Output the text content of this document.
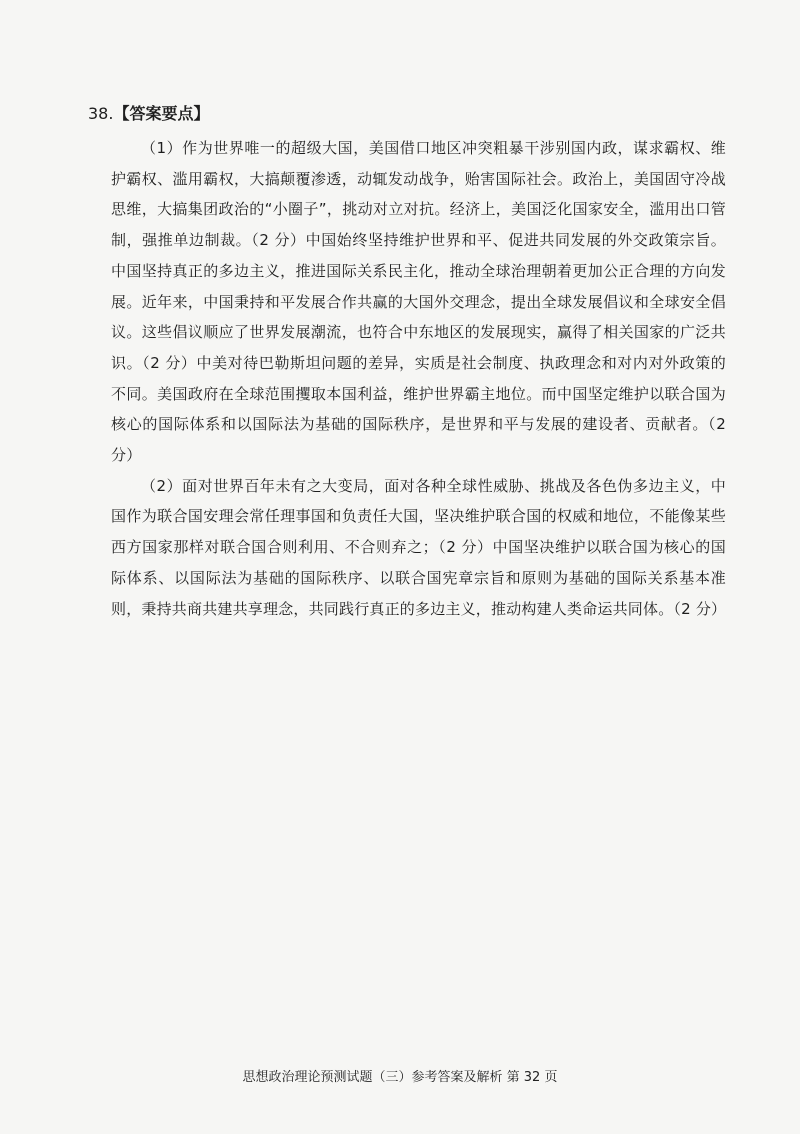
38.【答案要点】

（1）作为世界唯一的超级大国，美国借口地区冲突粗暴干涉别国内政，谋求霸权、维护霸权、滥用霸权，大搞颠覆渗透，动辄发动战争，贻害国际社会。政治上，美国固守冷战思维，大搞集团政治的“小圈子”，挑动对立对抗。经济上，美国泛化国家安全，滥用出口管制，强推单边制裁。（2 分）中国始终坚持维护世界和平、促进共同发展的外交政策宗旨。中国坚持真正的多边主义，推进国际关系民主化，推动全球治理朝着更加公正合理的方向发展。近年来，中国秉持和平发展合作共赢的大国外交理念，提出全球发展倡议和全球安全倡议。这些倡议顺应了世界发展潮流，也符合中东地区的发展现实，赢得了相关国家的广泛共识。（2 分）中美对待巴勒斯坦问题的差异，实质是社会制度、执政理念和对内对外政策的不同。美国政府在全球范围攫取本国利益，维护世界霸主地位。而中国坚定维护以联合国为核心的国际体系和以国际法为基础的国际秩序，是世界和平与发展的建设者、贡献者。（2 分）

（2）面对世界百年未有之大变局，面对各种全球性威胁、挑战及各色伪多边主义，中国作为联合国安理会常任理事国和负责任大国，坚决维护联合国的权威和地位，不能像某些西方国家那样对联合国合则利用、不合则弃之；（2 分）中国坚决维护以联合国为核心的国际体系、以国际法为基础的国际秩序、以联合国宪章宗旨和原则为基础的国际关系基本准则，秉持共商共建共享理念，共同践行真正的多边主义，推动构建人类命运共同体。（2 分）

思想政治理论预测试题（三）参考答案及解析 第 32 页
